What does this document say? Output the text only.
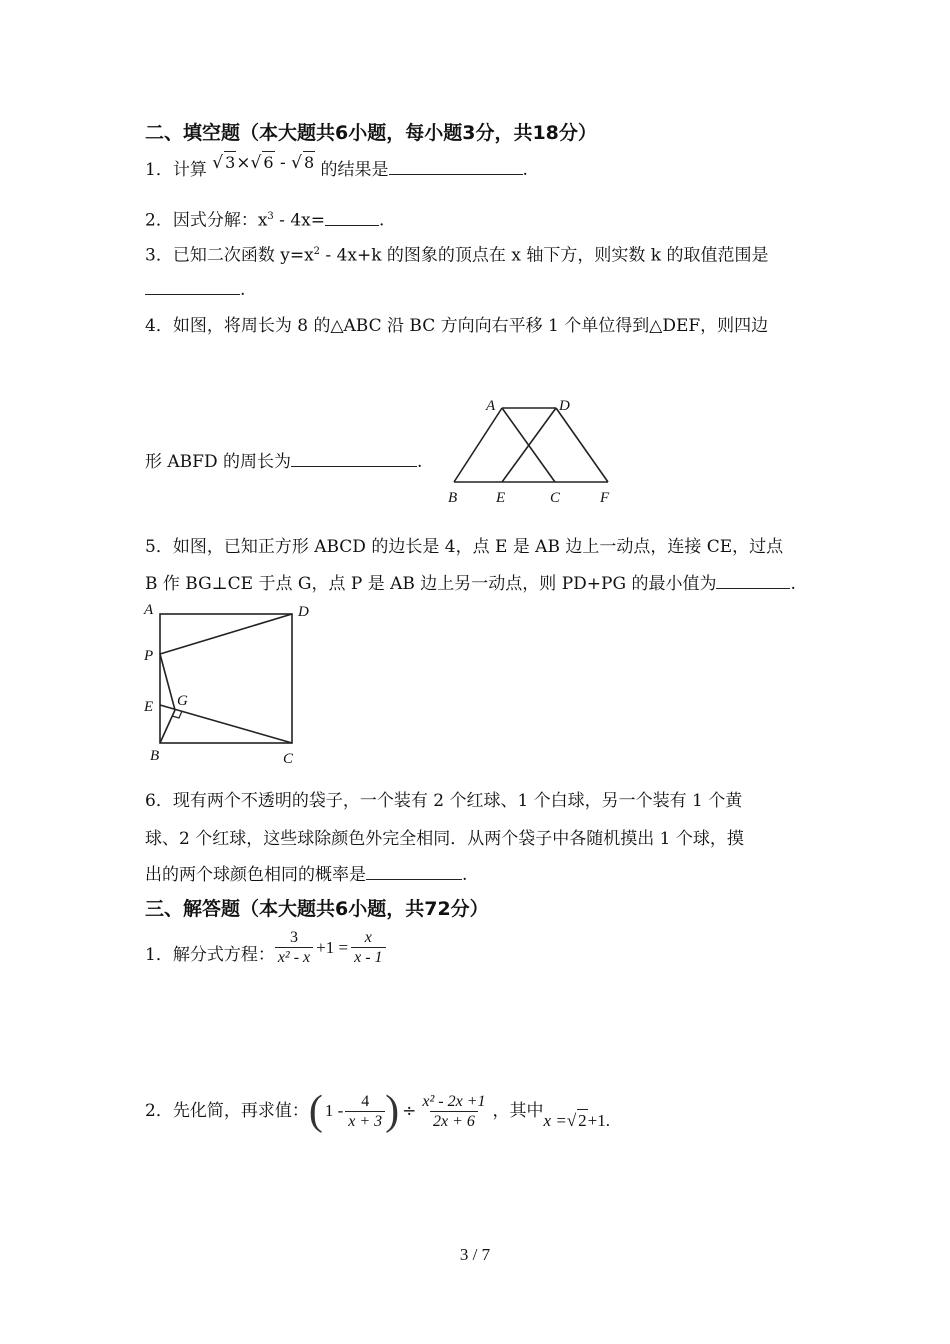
二、填空题（本大题共6小题，每小题3分，共18分）
1．计算 √ 3×√ 6 - √ 8 的结果是	.
2．因式分解：$x^3 - 4x=$	.
3．已知二次函数 $y=x^2 - 4x+k$ 的图象的顶点在 x 轴下方，则实数 k 的取值范围是
.
4．如图，将周长为 8 的△ABC 沿 BC 方向向右平移 1 个单位得到△DEF，则四边
形 ABFD 的周长为	.
A	D
B	E	C	F
5．如图，已知正方形 ABCD 的边长是 4，点 E 是 AB 边上一动点，连接 CE，过点
B 作 BG⊥CE 于点 G，点 P 是 AB 边上另一动点，则 PD+PG 的最小值为	.
A	D
P
E G
B	C
6．现有两个不透明的袋子，一个装有 2 个红球、1 个白球，另一个装有 1 个黄
球、2 个红球，这些球除颜色外完全相同．从两个袋子中各随机摸出 1 个球，摸
出的两个球颜色相同的概率是	.
三、解答题（本大题共6小题，共72分）
1．解分式方程： $\frac{3}{\text{x² - x}} +1 = \frac{x}{x - 1}$
2．先化简，再求值： ( $1 - \frac{4}{x + 3}$ ) ÷ $\frac{\text{x² - 2x +1}}{2x + 6}$ ，其中 x =√ 2+1.
3 / 7
